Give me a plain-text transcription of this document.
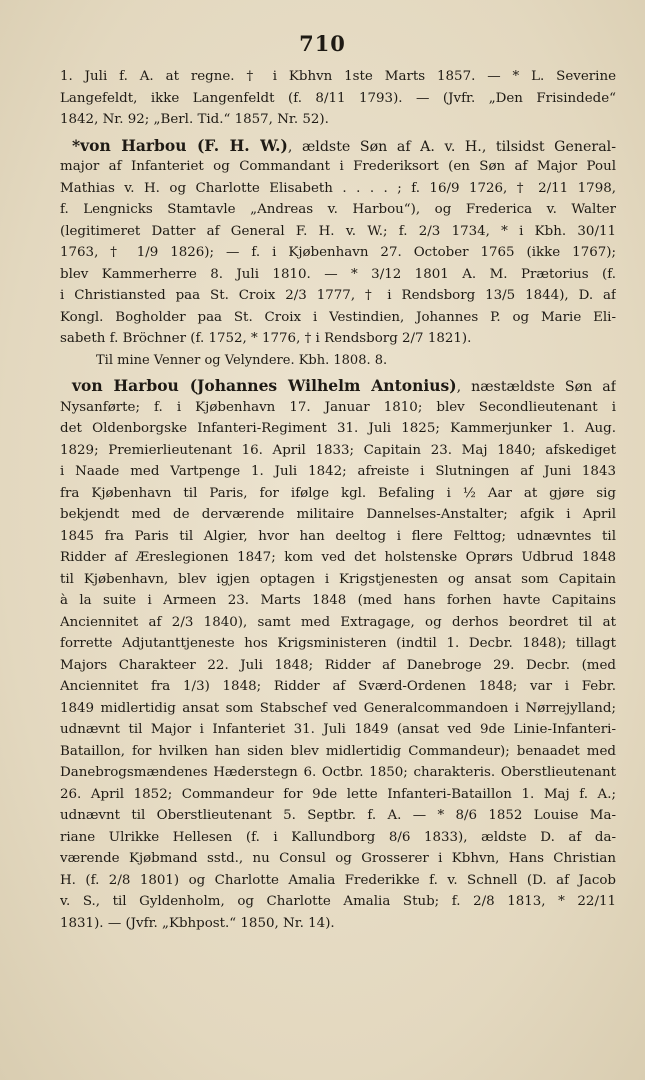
710
1. Juli f. A. at regne. † i Kbhvn 1ste Marts 1857. — * L. Severine
Langefeldt, ikke Langenfeldt (f. 8/11 1793). — (Jvfr. „Den Frisindede“
1842, Nr. 92; „Berl. Tid.“ 1857, Nr. 52).
*von Harbou (F. H. W.), ældste Søn af A. v. H., tilsidst General-
major af Infanteriet og Commandant i Frederiksort (en Søn af Major Poul
Mathias v. H. og Charlotte Elisabeth . . . . ; f. 16/9 1726, † 2/11 1798,
f. Lengnicks Stamtavle „Andreas v. Harbou“), og Frederica v. Walter
(legitimeret Datter af General F. H. v. W.; f. 2/3 1734, * i Kbh. 30/11
1763, † 1/9 1826); — f. i Kjøbenhavn 27. October 1765 (ikke 1767);
blev Kammerherre 8. Juli 1810. — * 3/12 1801 A. M. Prætorius (f.
i Christiansted paa St. Croix 2/3 1777, † i Rendsborg 13/5 1844), D. af
Kongl. Bogholder paa St. Croix i Vestindien, Johannes P. og Marie Eli-
sabeth f. Bröchner (f. 1752, * 1776, † i Rendsborg 2/7 1821).
Til mine Venner og Velyndere. Kbh. 1808. 8.
von Harbou (Johannes Wilhelm Antonius), næstældste Søn af
Nysanførte; f. i Kjøbenhavn 17. Januar 1810; blev Secondlieutenant i
det Oldenborgske Infanteri-Regiment 31. Juli 1825; Kammerjunker 1. Aug.
1829; Premierlieutenant 16. April 1833; Capitain 23. Maj 1840; afskediget
i Naade med Vartpenge 1. Juli 1842; afreiste i Slutningen af Juni 1843
fra Kjøbenhavn til Paris, for ifølge kgl. Befaling i ½ Aar at gjøre sig
bekjendt med de derværende militaire Dannelses-Anstalter; afgik i April
1845 fra Paris til Algier, hvor han deeltog i flere Felttog; udnævntes til
Ridder af Æreslegionen 1847; kom ved det holstenske Oprørs Udbrud 1848
til Kjøbenhavn, blev igjen optagen i Krigstjenesten og ansat som Capitain
à la suite i Armeen 23. Marts 1848 (med hans forhen havte Capitains
Anciennitet af 2/3 1840), samt med Extragage, og derhos beordret til at
forrette Adjutanttjeneste hos Krigsministeren (indtil 1. Decbr. 1848); tillagt
Majors Charakteer 22. Juli 1848; Ridder af Danebroge 29. Decbr. (med
Anciennitet fra 1/3) 1848; Ridder af Sværd-Ordenen 1848; var i Febr.
1849 midlertidig ansat som Stabschef ved Generalcommandoen i Nørrejylland;
udnævnt til Major i Infanteriet 31. Juli 1849 (ansat ved 9de Linie-Infanteri-
Bataillon, for hvilken han siden blev midlertidig Commandeur); benaadet med
Danebrogsmændenes Hæderstegn 6. Octbr. 1850; charakteris. Oberstlieutenant
26. April 1852; Commandeur for 9de lette Infanteri-Bataillon 1. Maj f. A.;
udnævnt til Oberstlieutenant 5. Septbr. f. A. — * 8/6 1852 Louise Ma-
riane Ulrikke Hellesen (f. i Kallundborg 8/6 1833), ældste D. af da-
værende Kjøbmand sstd., nu Consul og Grosserer i Kbhvn, Hans Christian
H. (f. 2/8 1801) og Charlotte Amalia Frederikke f. v. Schnell (D. af Jacob
v. S., til Gyldenholm, og Charlotte Amalia Stub; f. 2/8 1813, * 22/11
1831). — (Jvfr. „Kbhpost.“ 1850, Nr. 14).
